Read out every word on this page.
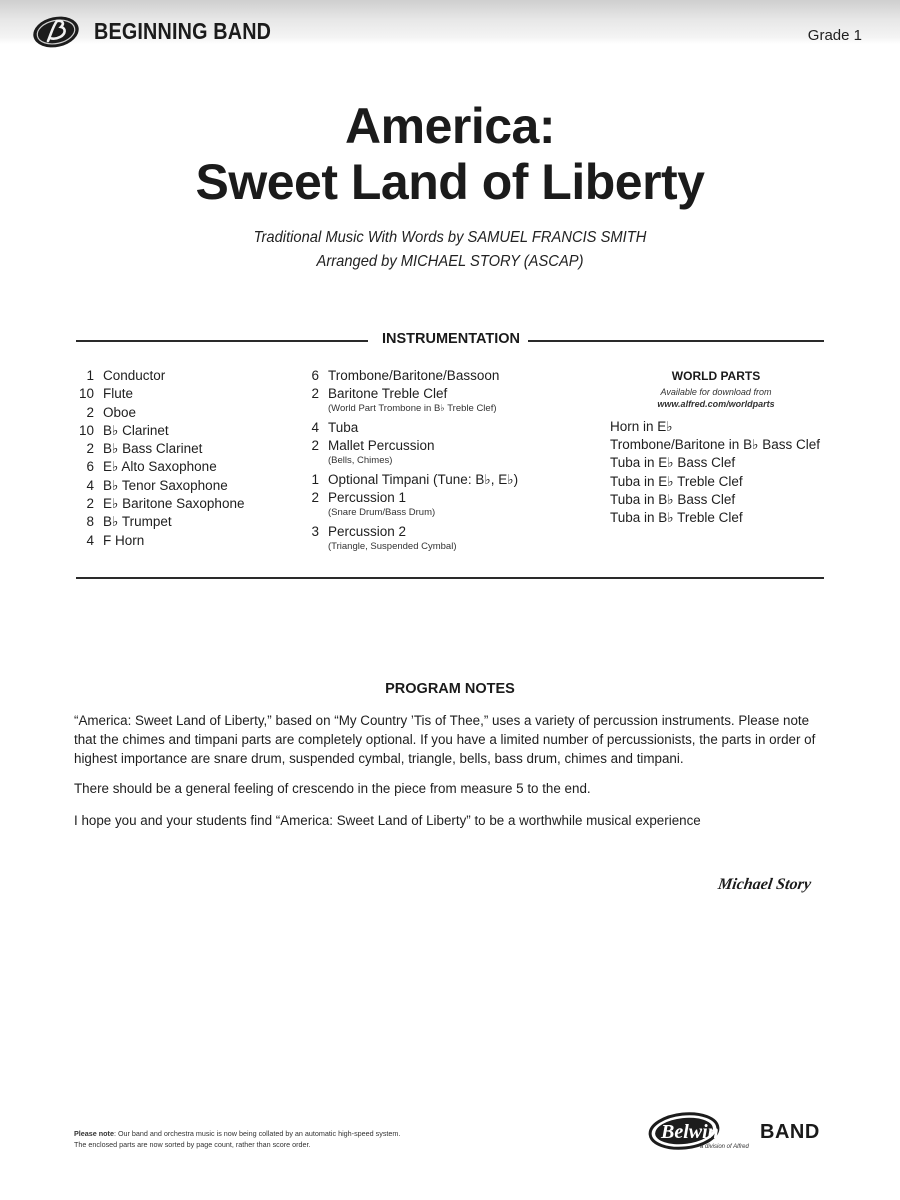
BEGINNING BAND	Grade 1
America:
Sweet Land of Liberty
Traditional Music With Words by SAMUEL FRANCIS SMITH
Arranged by MICHAEL STORY (ASCAP)
INSTRUMENTATION
1 Conductor
10 Flute
2 Oboe
10 B♭ Clarinet
2 B♭ Bass Clarinet
6 E♭ Alto Saxophone
4 B♭ Tenor Saxophone
2 E♭ Baritone Saxophone
8 B♭ Trumpet
4 F Horn
6 Trombone/Baritone/Bassoon
2 Baritone Treble Clef
(World Part Trombone in B♭ Treble Clef)
4 Tuba
2 Mallet Percussion
(Bells, Chimes)
1 Optional Timpani (Tune: B♭, E♭)
2 Percussion 1
(Snare Drum/Bass Drum)
3 Percussion 2
(Triangle, Suspended Cymbal)
WORLD PARTS
Available for download from
www.alfred.com/worldparts
Horn in E♭
Trombone/Baritone in B♭ Bass Clef
Tuba in E♭ Bass Clef
Tuba in E♭ Treble Clef
Tuba in B♭ Bass Clef
Tuba in B♭ Treble Clef
PROGRAM NOTES
“America: Sweet Land of Liberty,” based on “My Country ’Tis of Thee,” uses a variety of percussion instruments. Please note that the chimes and timpani parts are completely optional. If you have a limited number of percussionists, the parts in order of highest importance are snare drum, suspended cymbal, triangle, bells, bass drum, chimes and timpani.
There should be a general feeling of crescendo in the piece from measure 5 to the end.
I hope you and your students find “America: Sweet Land of Liberty” to be a worthwhile musical experience
Michael Story
Please note: Our band and orchestra music is now being collated by an automatic high-speed system.
The enclosed parts are now sorted by page count, rather than score order.
Belwin BAND
a division of Alfred
